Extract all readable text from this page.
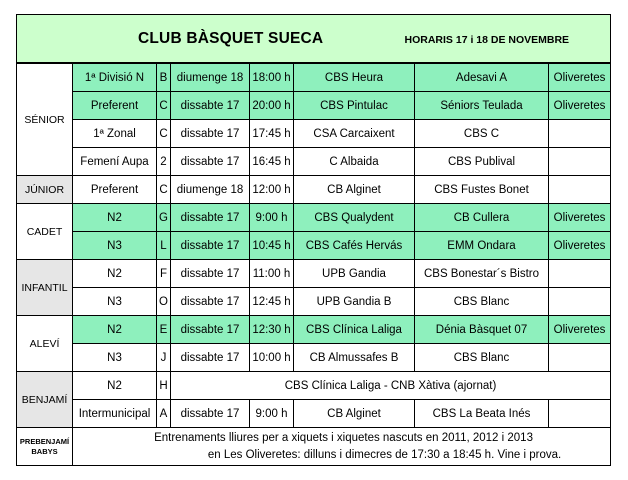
CLUB BÀSQUET SUECA HORARIS 17 i 18 DE NOVEMBRE							
SÉNIOR	1ª Divisió N	B	diumenge 18	18:00 h	CBS Heura	Adesavi A	Oliveretes
	Preferent	C	dissabte 17	20:00 h	CBS Pintulac	Séniors Teulada	Oliveretes
	1ª Zonal	C	dissabte 17	17:45 h	CSA Carcaixent	CBS C	
	Femení Aupa	2	dissabte 17	16:45 h	C Albaida	CBS Publival	
JÚNIOR	Preferent	C	diumenge 18	12:00 h	CB Alginet	CBS Fustes Bonet	
CADET	N2	G	dissabte 17	9:00 h	CBS Qualydent	CB Cullera	Oliveretes
	N3	L	dissabte 17	10:45 h	CBS Cafés Hervás	EMM Ondara	Oliveretes
INFANTIL	N2	F	dissabte 17	11:00 h	UPB Gandia	CBS Bonestar´s Bistro	
	N3	O	dissabte 17	12:45 h	UPB Gandia B	CBS Blanc	
ALEVÍ	N2	E	dissabte 17	12:30 h	CBS Clínica Laliga	Dénia Bàsquet 07	Oliveretes
	N3	J	dissabte 17	10:00 h	CB Almussafes B	CBS Blanc	
BENJAMÍ	N2	H	CBS Clínica Laliga - CNB Xàtiva (ajornat)				
	Intermunicipal	A	dissabte 17	9:00 h	CB Alginet	CBS La Beata Inés	

PREBENJAMÍ
BABYS	Entrenaments lliures per a xiquets i xiquetes nascuts en 2011, 2012 i 2013
en Les Oliveretes: dilluns i dimecres de 17:30 a 18:45 h. Vine i prova.						
